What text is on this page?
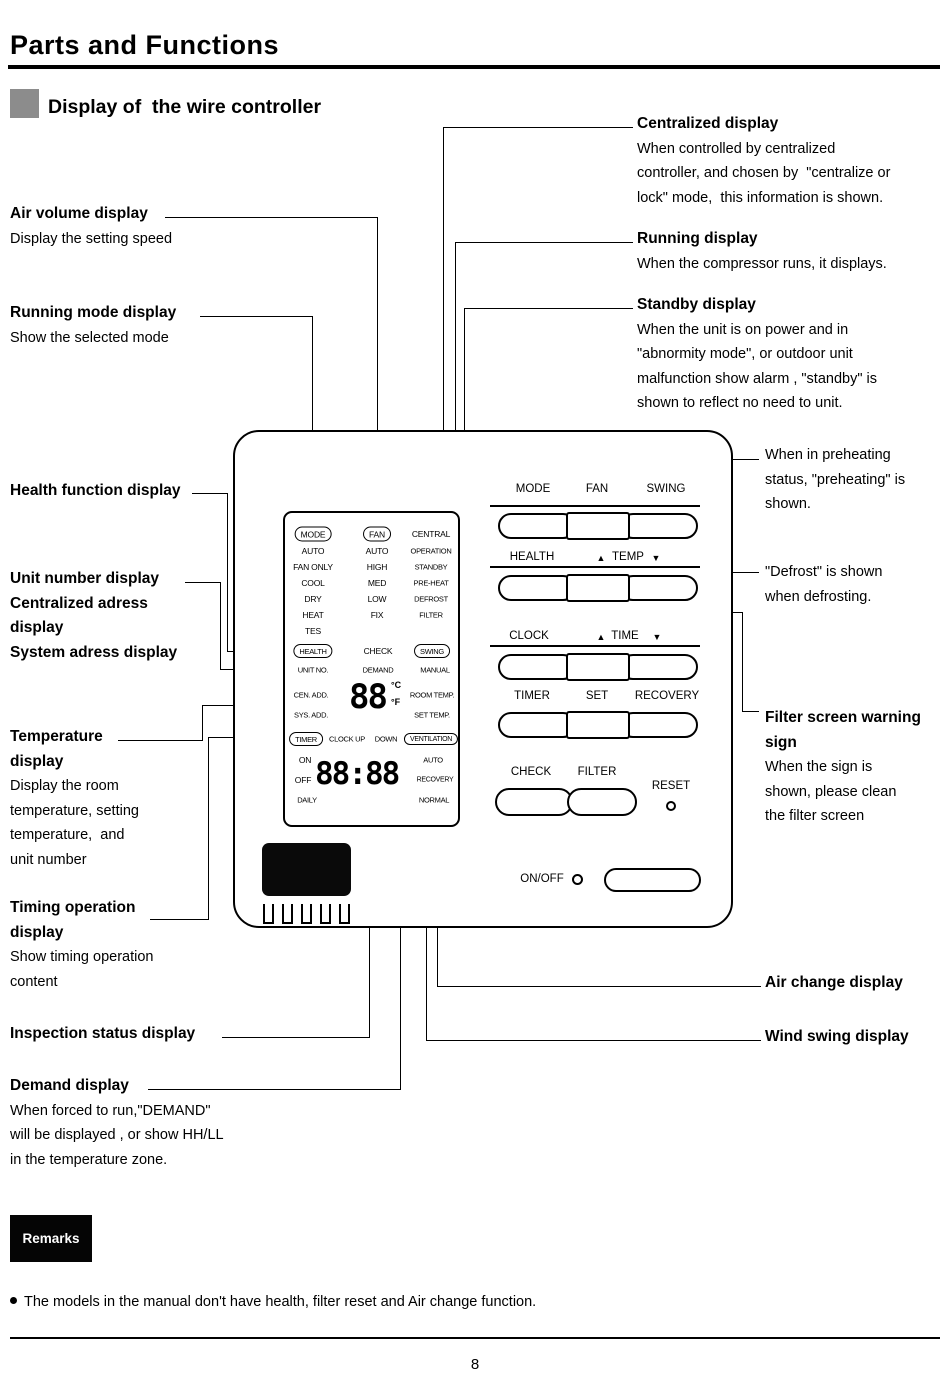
Parts and Functions
Display of  the wire controller
Air volume display
Display the setting speed
Running mode display
Show the selected mode
Health function display
Unit number display
Centralized adress
display
System adress display
Temperature
display
Display the room
temperature, setting
temperature,  and
unit number
Timing operation
display
Show timing operation
content
Inspection status display
Demand display
When forced to run,"DEMAND"
will be displayed , or show HH/LL
in the temperature zone.
Centralized display
When controlled by centralized
controller, and chosen by  "centralize or
lock" mode,  this information is shown.
Running display
When the compressor runs, it displays.
Standby display
When the unit is on power and in
"abnormity mode", or outdoor unit
malfunction show alarm , "standby" is
shown to reflect no need to unit.
When in preheating
status, "preheating" is
shown.
"Defrost" is shown
when defrosting.
Filter screen warning
sign
When the sign is
shown, please clean
the filter screen
Air change display
Wind swing display
MODE
AUTO
FAN ONLY
COOL
DRY
HEAT
TES
FAN
AUTO
HIGH
MED
LOW
FIX
CENTRAL
OPERATION
STANDBY
PRE-HEAT
DEFROST
FILTER
HEALTH	CHECK	SWING
UNIT NO.	DEMAND	MANUAL
CEN. ADD.
SYS. ADD. 88 °C
°F
ROOM TEMP.
SET TEMP.
TIMER	CLOCK UP DOWN	VENTILATION
ON
OFF
DAILY
88:88	AUTO
RECOVERY
NORMAL
MODE	FAN	SWING
HEALTH	▲ TEMP ▼
CLOCK	▲ TIME ▼
TIMER	SET RECOVERY
CHECK FILTER
RESET
ON/OFF
Remarks
The models in the manual don't have health, filter reset and Air change function.
8
